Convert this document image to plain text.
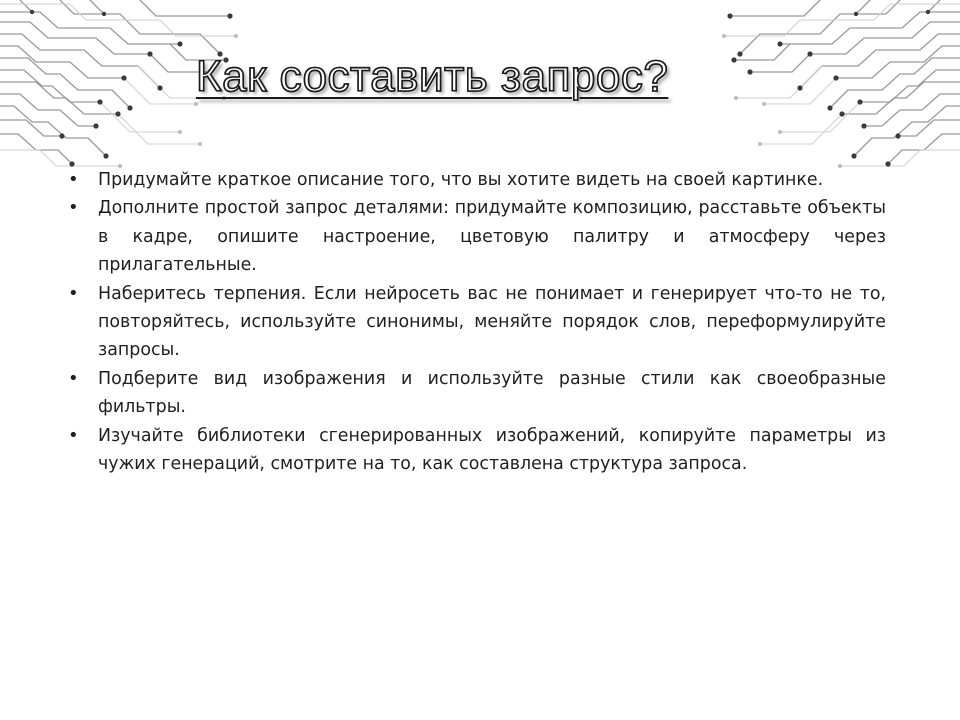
Как составить запрос?
• Придумайте краткое описание того, что вы хотите видеть на своей картинке.
• Дополните простой запрос деталями: придумайте композицию, расставьте объекты в кадре, опишите настроение, цветовую палитру и атмосферу через прилагательные.
• Наберитесь терпения. Если нейросеть вас не понимает и генерирует что-то не то, повторяйтесь, используйте синонимы, меняйте порядок слов, переформулируйте запросы.
• Подберите вид изображения и используйте разные стили как своеобразные фильтры.
• Изучайте библиотеки сгенерированных изображений, копируйте параметры из чужих генераций, смотрите на то, как составлена структура запроса.
